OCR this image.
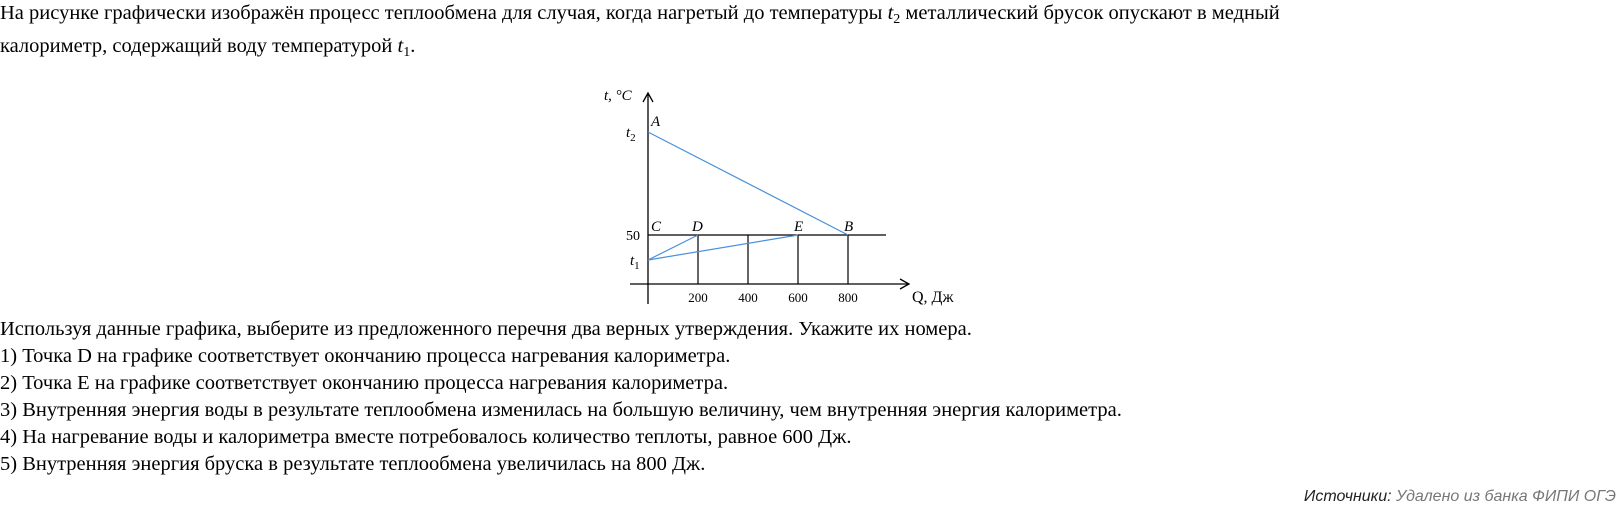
На рисунке графически изображён процесс теплообмена для случая, когда нагретый до температуры $t_2$ металлический брусок опускают в медный
калориметр, содержащий воду температурой $t_1$.
200 400 600 800
$t_2$
50
$t_1$
A
B
C D	E
t, °C
Q, Дж
Используя данные графика, выберите из предложенного перечня два верных утверждения. Укажите их номера.
1) Точка D на графике соответствует окончанию процесса нагревания калориметра.
2) Точка E на графике соответствует окончанию процесса нагревания калориметра.
3) Внутренняя энергия воды в результате теплообмена изменилась на большую величину, чем внутренняя энергия калориметра.
4) На нагревание воды и калориметра вместе потребовалось количество теплоты, равное 600 Дж.
5) Внутренняя энергия бруска в результате теплообмена увеличилась на 800 Дж.
Источники: Удалено из банка ФИПИ ОГЭ
